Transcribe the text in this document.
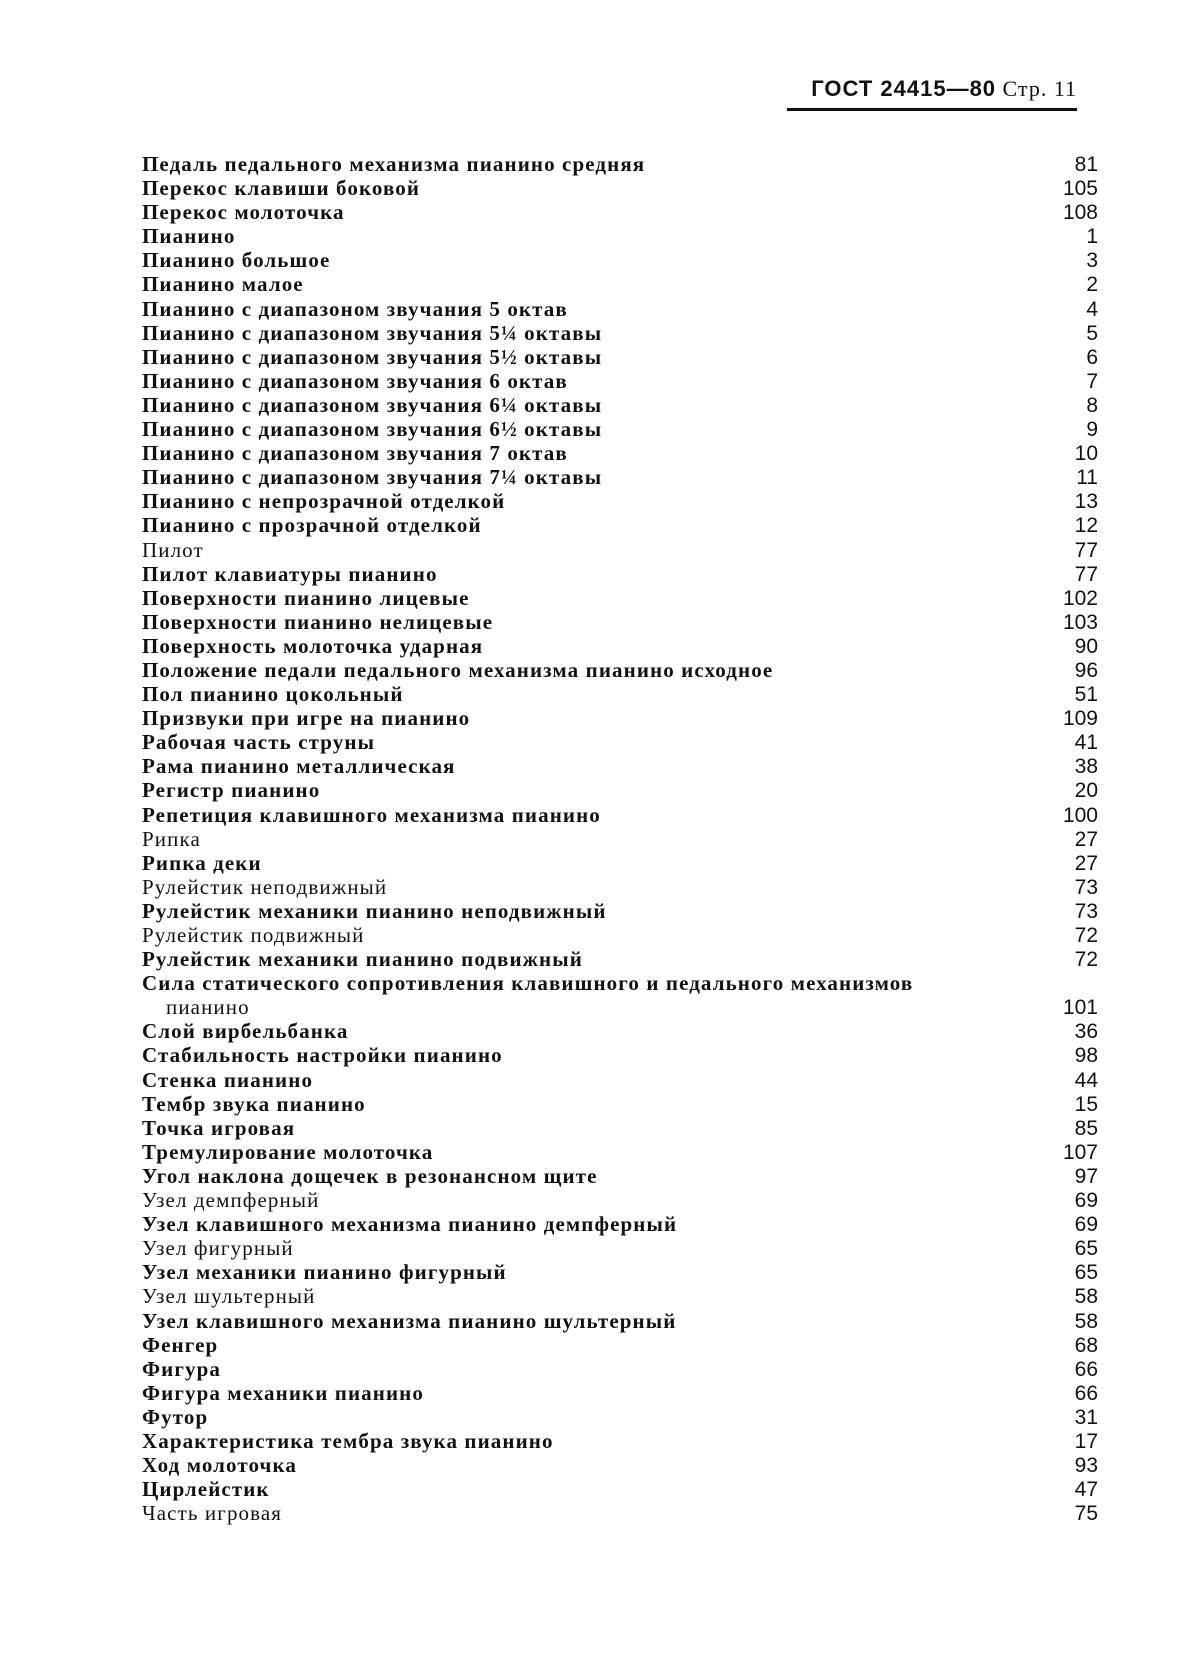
ГОСТ 24415—80 Стр. 11
Педаль педального механизма пианино средняя	81
Перекос клавиши боковой	105
Перекос молоточка	108
Пианино	1
Пианино большое	3
Пианино малое	2
Пианино с диапазоном звучания 5 октав	4
Пианино с диапазоном звучания 5¼ октавы	5
Пианино с диапазоном звучания 5½ октавы	6
Пианино с диапазоном звучания 6 октав	7
Пианино с диапазоном звучания 6¼ октавы	8
Пианино с диапазоном звучания 6½ октавы	9
Пианино с диапазоном звучания 7 октав	10
Пианино с диапазоном звучания 7¼ октавы	11
Пианино с непрозрачной отделкой	13
Пианино с прозрачной отделкой	12
Пилот	77
Пилот клавиатуры пианино	77
Поверхности пианино лицевые	102
Поверхности пианино нелицевые	103
Поверхность молоточка ударная	90
Положение педали педального механизма пианино исходное	96
Пол пианино цокольный	51
Призвуки при игре на пианино	109
Рабочая часть струны	41
Рама пианино металлическая	38
Регистр пианино	20
Репетиция клавишного механизма пианино	100
Рипка	27
Рипка деки	27
Рулейстик неподвижный	73
Рулейстик механики пианино неподвижный	73
Рулейстик подвижный	72
Рулейстик механики пианино подвижный	72
Сила статического сопротивления клавишного и педального механизмов
пианино	101
Слой вирбельбанка	36
Стабильность настройки пианино	98
Стенка пианино	44
Тембр звука пианино	15
Точка игровая	85
Тремулирование молоточка	107
Угол наклона дощечек в резонансном щите	97
Узел демпферный	69
Узел клавишного механизма пианино демпферный	69
Узел фигурный	65
Узел механики пианино фигурный	65
Узел шультерный	58
Узел клавишного механизма пианино шультерный	58
Фенгер	68
Фигура	66
Фигура механики пианино	66
Футор	31
Характеристика тембра звука пианино	17
Ход молоточка	93
Цирлейстик	47
Часть игровая	75
